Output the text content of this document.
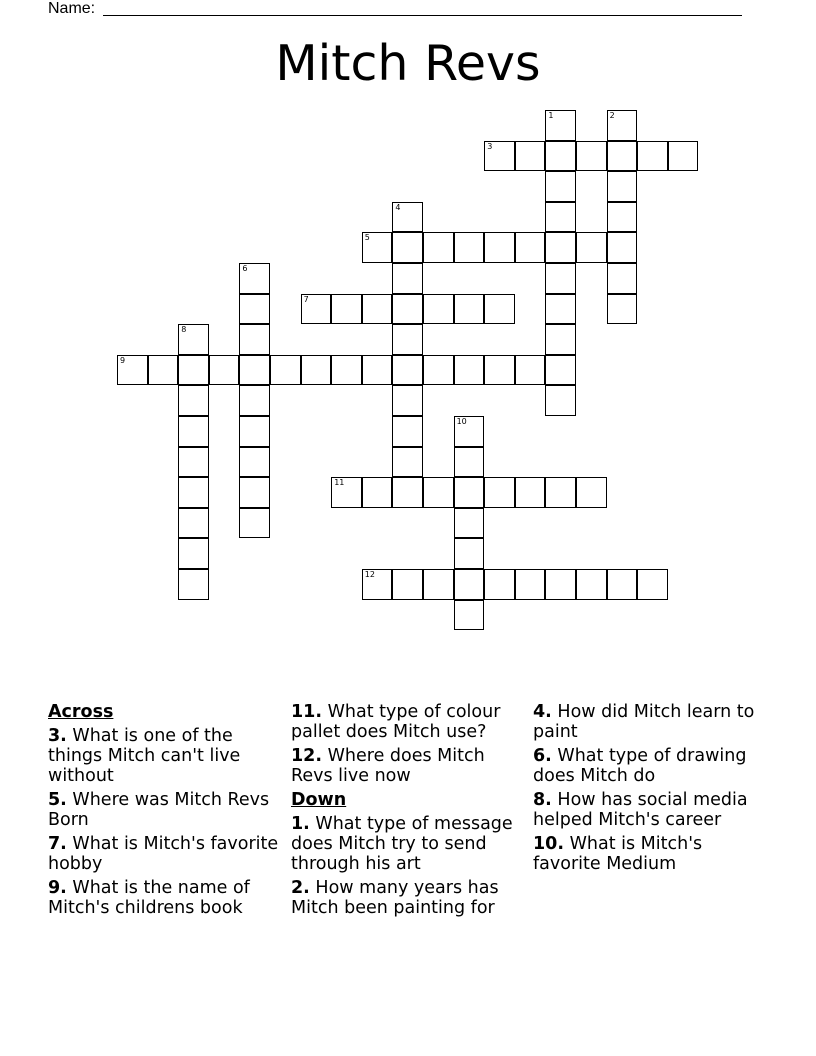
Name:
Mitch Revs
1	2
3
4
5
6
7
8
9
10
11
12
Across
3. What is one of the things Mitch can't live without
5. Where was Mitch Revs Born
7. What is Mitch's favorite hobby
9. What is the name of Mitch's childrens book
11. What type of colour pallet does Mitch use?
12. Where does Mitch Revs live now
Down
1. What type of message does Mitch try to send through his art
2. How many years has Mitch been painting for
4. How did Mitch learn to paint
6. What type of drawing does Mitch do
8. How has social media helped Mitch's career
10. What is Mitch's favorite Medium
